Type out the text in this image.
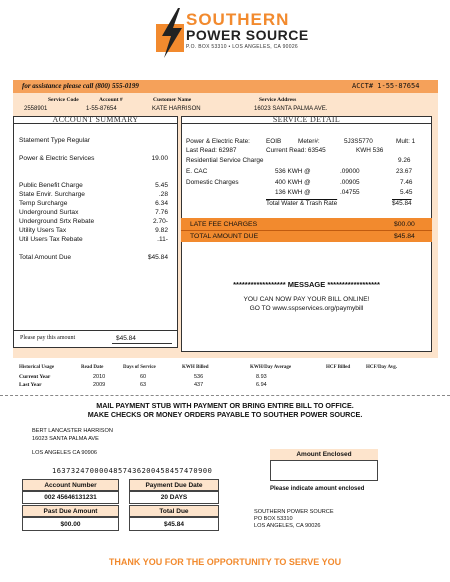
SOUTHERN
POWER SOURCE
P.O. BOX 53310 • LOS ANGELES, CA 90026
for assistance please call (800) 555-0199	ACCT# 1-55-87654
Service Code	Account #	Customer Name	Service Address
2558901	1-55-87654	KATE HARRISON	16023 SANTA PALMA AVE.
ACCOUNT SUMMARY
Statement Type Regular
Power & Electric Services	19.00
Public Benefit Charge	5.45
State Envir. Surcharge	.28
Temp Surcharge	6.34
Underground Surtax	7.76
Underground Srtx Rebate	2.70-
Utility Users Tax	9.82
Util Users Tax Rebate	.11-
Total Amount Due	$45.84
Please pay this amount	$45.84
SERVICE DETAIL
Power & Electric Rate:	EOIB	Meter#:	5J3S5770	Mult: 1
Last Read: 62987	Current Read: 63545	KWH 536
Residential Service Charge	9.26
E. CAC	536 KWH @	.09000	23.67
Domestic Charges	400 KWH @	.00905	7.46
136 KWH @	.04755	5.45
Total Water & Trash Rate	$45.84
LATE FEE CHARGES	$00.00
TOTAL AMOUNT DUE	$45.84
****************** MESSAGE ******************
YOU CAN NOW PAY YOUR BILL ONLINE!
GO TO www.sspservices.org/paymybill
Historical Usage	Read Date	Days of Service	KWH Billed	KWH/Day Average	HCF Billed	HCF/Day Avg.
Current Year	2010	60	536	8.93
Last Year	2009	63	437	6.94
MAIL PAYMENT STUB WITH PAYMENT OR BRING ENTIRE BILL TO OFFICE.
MAKE CHECKS OR MONEY ORDERS PAYABLE TO SOUTHER POWER SOURCE.
BERT LANCASTER HARRISON
16023 SANTA PALMA AVE
LOS ANGELES CA 90906
1637324700004857436200458457470900
Account Number	Payment Due Date
002 45646131231	20 DAYS
Past Due Amount	Total Due
$00.00	$45.84
Amount Enclosed
Please indicate amount enclosed
SOUTHERN POWER SOURCE
PO BOX 53310
LOS ANGELES, CA 90026
THANK YOU FOR THE OPPORTUNITY TO SERVE YOU
